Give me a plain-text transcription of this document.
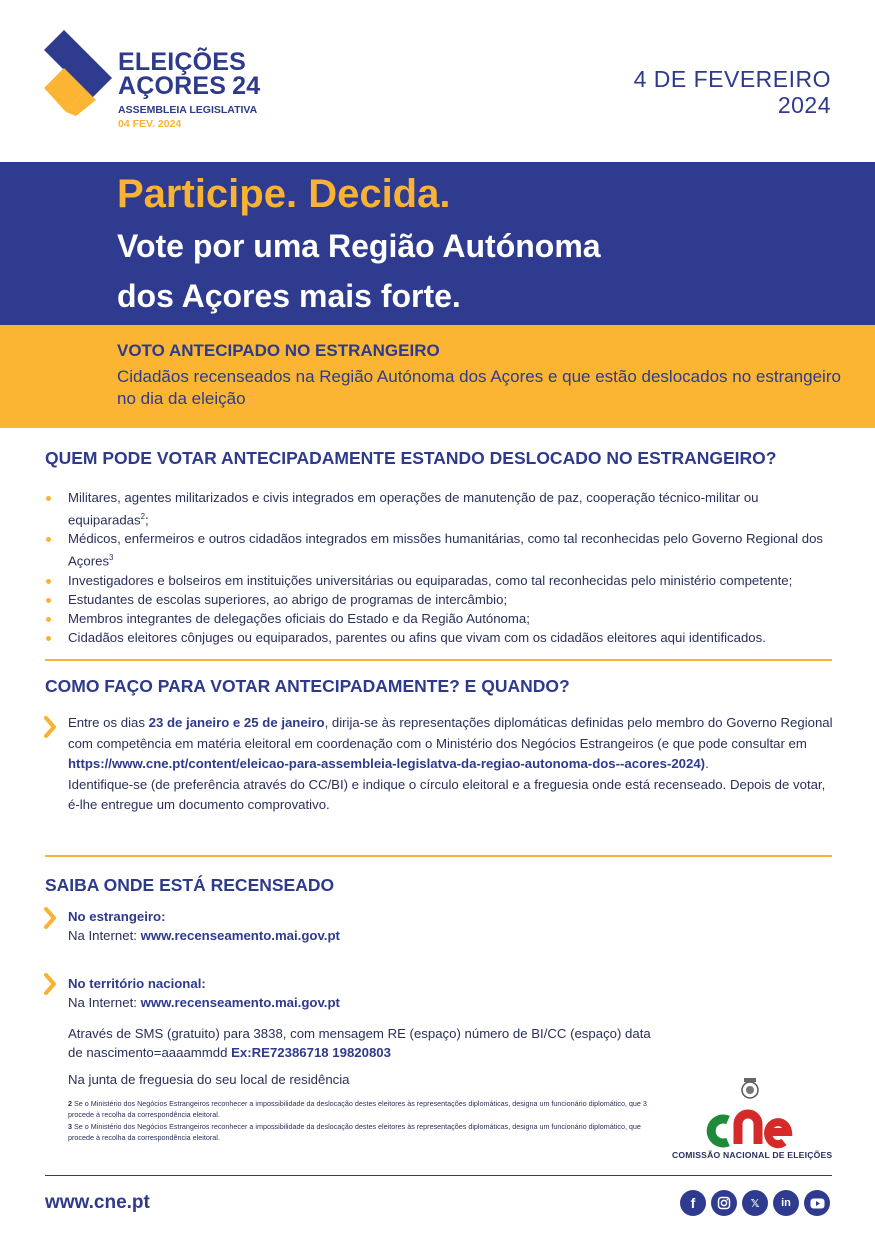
ELEIÇÕES
AÇORES 24
ASSEMBLEIA LEGISLATIVA
04 FEV. 2024
4 DE FEVEREIRO
2024
Participe. Decida.
Vote por uma Região Autónoma
dos Açores mais forte.
VOTO ANTECIPADO NO ESTRANGEIRO
Cidadãos recenseados na Região Autónoma dos Açores e que estão deslocados no estrangeiro no dia da eleição
QUEM PODE VOTAR ANTECIPADAMENTE ESTANDO DESLOCADO NO ESTRANGEIRO?
Militares, agentes militarizados e civis integrados em operações de manutenção de paz, cooperação técnico-militar ou equiparadas$^2$;
Médicos, enfermeiros e outros cidadãos integrados em missões humanitárias, como tal reconhecidas pelo Governo Regional dos Açores$^3$
Investigadores e bolseiros em instituições universitárias ou equiparadas, como tal reconhecidas pelo ministério competente;
Estudantes de escolas superiores, ao abrigo de programas de intercâmbio;
Membros integrantes de delegações oficiais do Estado e da Região Autónoma;
Cidadãos eleitores cônjuges ou equiparados, parentes ou afins que vivam com os cidadãos eleitores aqui identificados.
COMO FAÇO PARA VOTAR ANTECIPADAMENTE? E QUANDO?
Entre os dias 23 de janeiro e 25 de janeiro, dirija-se às representações diplomáticas definidas pelo membro do Governo Regional com competência em matéria eleitoral em coordenação com o Ministério dos Negócios Estrangeiros (e que pode consultar em https://www.cne.pt/content/eleicao-para-assembleia-legislatva-da-regiao-autonoma-dos--acores-2024).
Identifique-se (de preferência através do CC/BI) e indique o círculo eleitoral e a freguesia onde está recenseado. Depois de votar, é-lhe entregue um documento comprovativo.
SAIBA ONDE ESTÁ RECENSEADO
No estrangeiro:
Na Internet: www.recenseamento.mai.gov.pt
No território nacional:
Na Internet: www.recenseamento.mai.gov.pt
Através de SMS (gratuito) para 3838, com mensagem RE (espaço) número de BI/CC (espaço) data de nascimento=aaaammdd Ex:RE72386718 19820803
Na junta de freguesia do seu local de residência

2 Se o Ministério dos Negócios Estrangeiros reconhecer a impossibilidade da deslocação destes eleitores às representações diplomáticas, designa um funcionário diplomático, que 3 procede à recolha da correspondência eleitoral.

3 Se o Ministério dos Negócios Estrangeiros reconhecer a impossibilidade da deslocação destes eleitores às representações diplomáticas, designa um funcionário diplomático, que procede à recolha da correspondência eleitoral.

cne
COMISSÃO NACIONAL DE ELEIÇÕES
www.cne.pt	f	𝕏 in
